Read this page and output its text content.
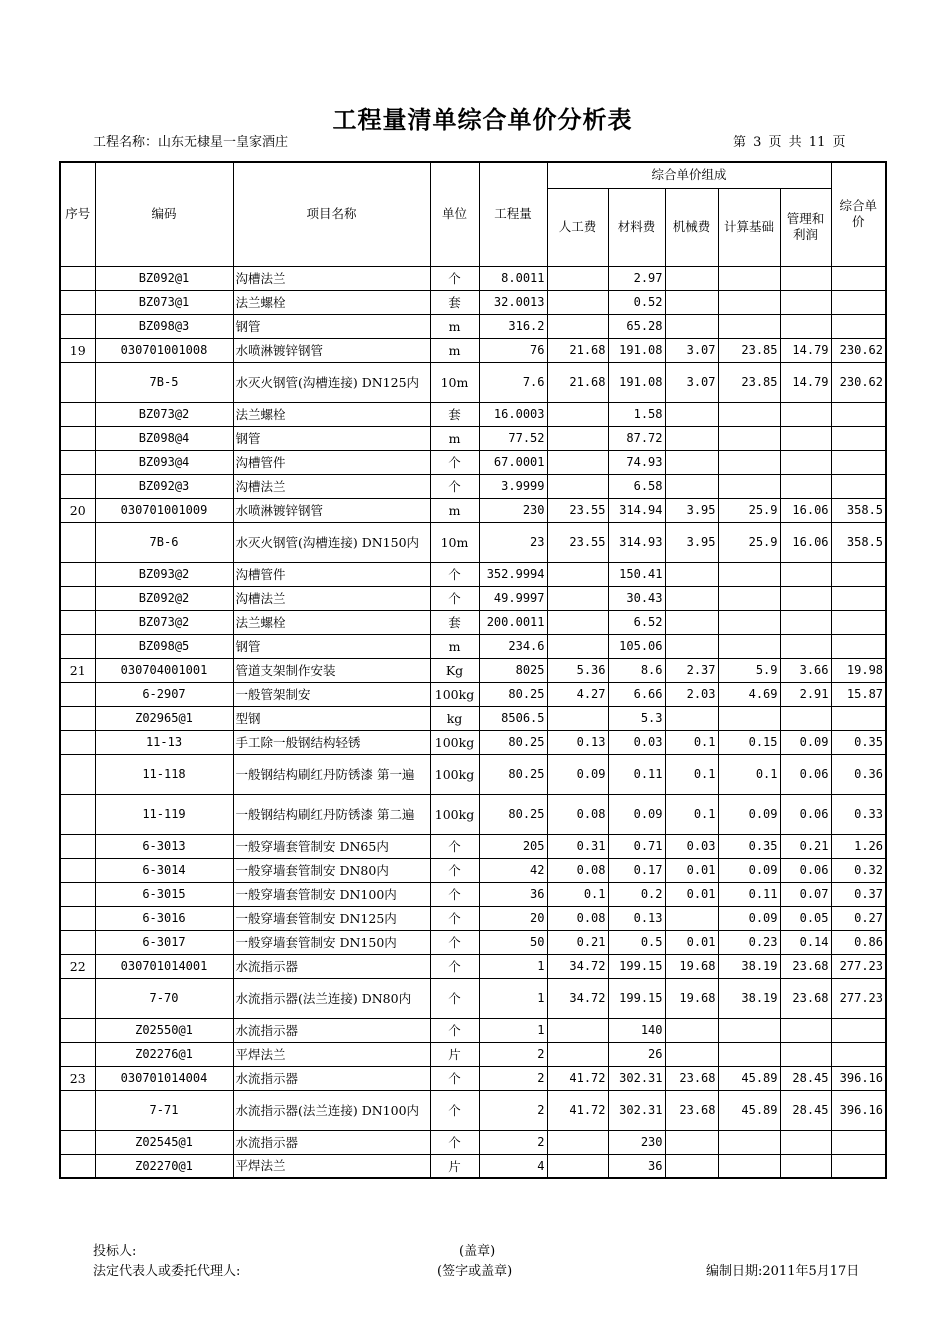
工程量清单综合单价分析表
工程名称：山东无棣星一皇家酒庄	第 3 页 共 11 页
序号	编码	项目名称	单位	工程量	综合单价组成					综合单价
					人工费	材料费	机械费	计算基础	管理和利润	
	BZ092@1	沟槽法兰	个	8.0011		2.97				
	BZ073@1	法兰螺栓	套	32.0013		0.52				
	BZ098@3	钢管	m	316.2		65.28				
19	030701001008	水喷淋镀锌钢管	m	76	21.68	191.08	3.07	23.85	14.79	230.62
	7B-5	水灭火钢管(沟槽连接) DN125内	10m	7.6	21.68	191.08	3.07	23.85	14.79	230.62
	BZ073@2	法兰螺栓	套	16.0003		1.58				
	BZ098@4	钢管	m	77.52		87.72				
	BZ093@4	沟槽管件	个	67.0001		74.93				
	BZ092@3	沟槽法兰	个	3.9999		6.58				
20	030701001009	水喷淋镀锌钢管	m	230	23.55	314.94	3.95	25.9	16.06	358.5
	7B-6	水灭火钢管(沟槽连接) DN150内	10m	23	23.55	314.93	3.95	25.9	16.06	358.5
	BZ093@2	沟槽管件	个	352.9994		150.41				
	BZ092@2	沟槽法兰	个	49.9997		30.43				
	BZ073@2	法兰螺栓	套	200.0011		6.52				
	BZ098@5	钢管	m	234.6		105.06				
21	030704001001	管道支架制作安装	Kg	8025	5.36	8.6	2.37	5.9	3.66	19.98
	6-2907	一般管架制安	100kg	80.25	4.27	6.66	2.03	4.69	2.91	15.87
	Z02965@1	型钢	kg	8506.5		5.3				
	11-13	手工除一般钢结构轻锈	100kg	80.25	0.13	0.03	0.1	0.15	0.09	0.35
	11-118	一般钢结构刷红丹防锈漆 第一遍	100kg	80.25	0.09	0.11	0.1	0.1	0.06	0.36
	11-119	一般钢结构刷红丹防锈漆 第二遍	100kg	80.25	0.08	0.09	0.1	0.09	0.06	0.33
	6-3013	一般穿墙套管制安 DN65内	个	205	0.31	0.71	0.03	0.35	0.21	1.26
	6-3014	一般穿墙套管制安 DN80内	个	42	0.08	0.17	0.01	0.09	0.06	0.32
	6-3015	一般穿墙套管制安 DN100内	个	36	0.1	0.2	0.01	0.11	0.07	0.37
	6-3016	一般穿墙套管制安 DN125内	个	20	0.08	0.13		0.09	0.05	0.27
	6-3017	一般穿墙套管制安 DN150内	个	50	0.21	0.5	0.01	0.23	0.14	0.86
22	030701014001	水流指示器	个	1	34.72	199.15	19.68	38.19	23.68	277.23
	7-70	水流指示器(法兰连接) DN80内	个	1	34.72	199.15	19.68	38.19	23.68	277.23
	Z02550@1	水流指示器	个	1		140				
	Z02276@1	平焊法兰	片	2		26				
23	030701014004	水流指示器	个	2	41.72	302.31	23.68	45.89	28.45	396.16
	7-71	水流指示器(法兰连接) DN100内	个	2	41.72	302.31	23.68	45.89	28.45	396.16
	Z02545@1	水流指示器	个	2		230				
	Z02270@1	平焊法兰	片	4		36				
投标人:	(盖章)
法定代表人或委托代理人:	(签字或盖章)	编制日期:2011年5月17日
